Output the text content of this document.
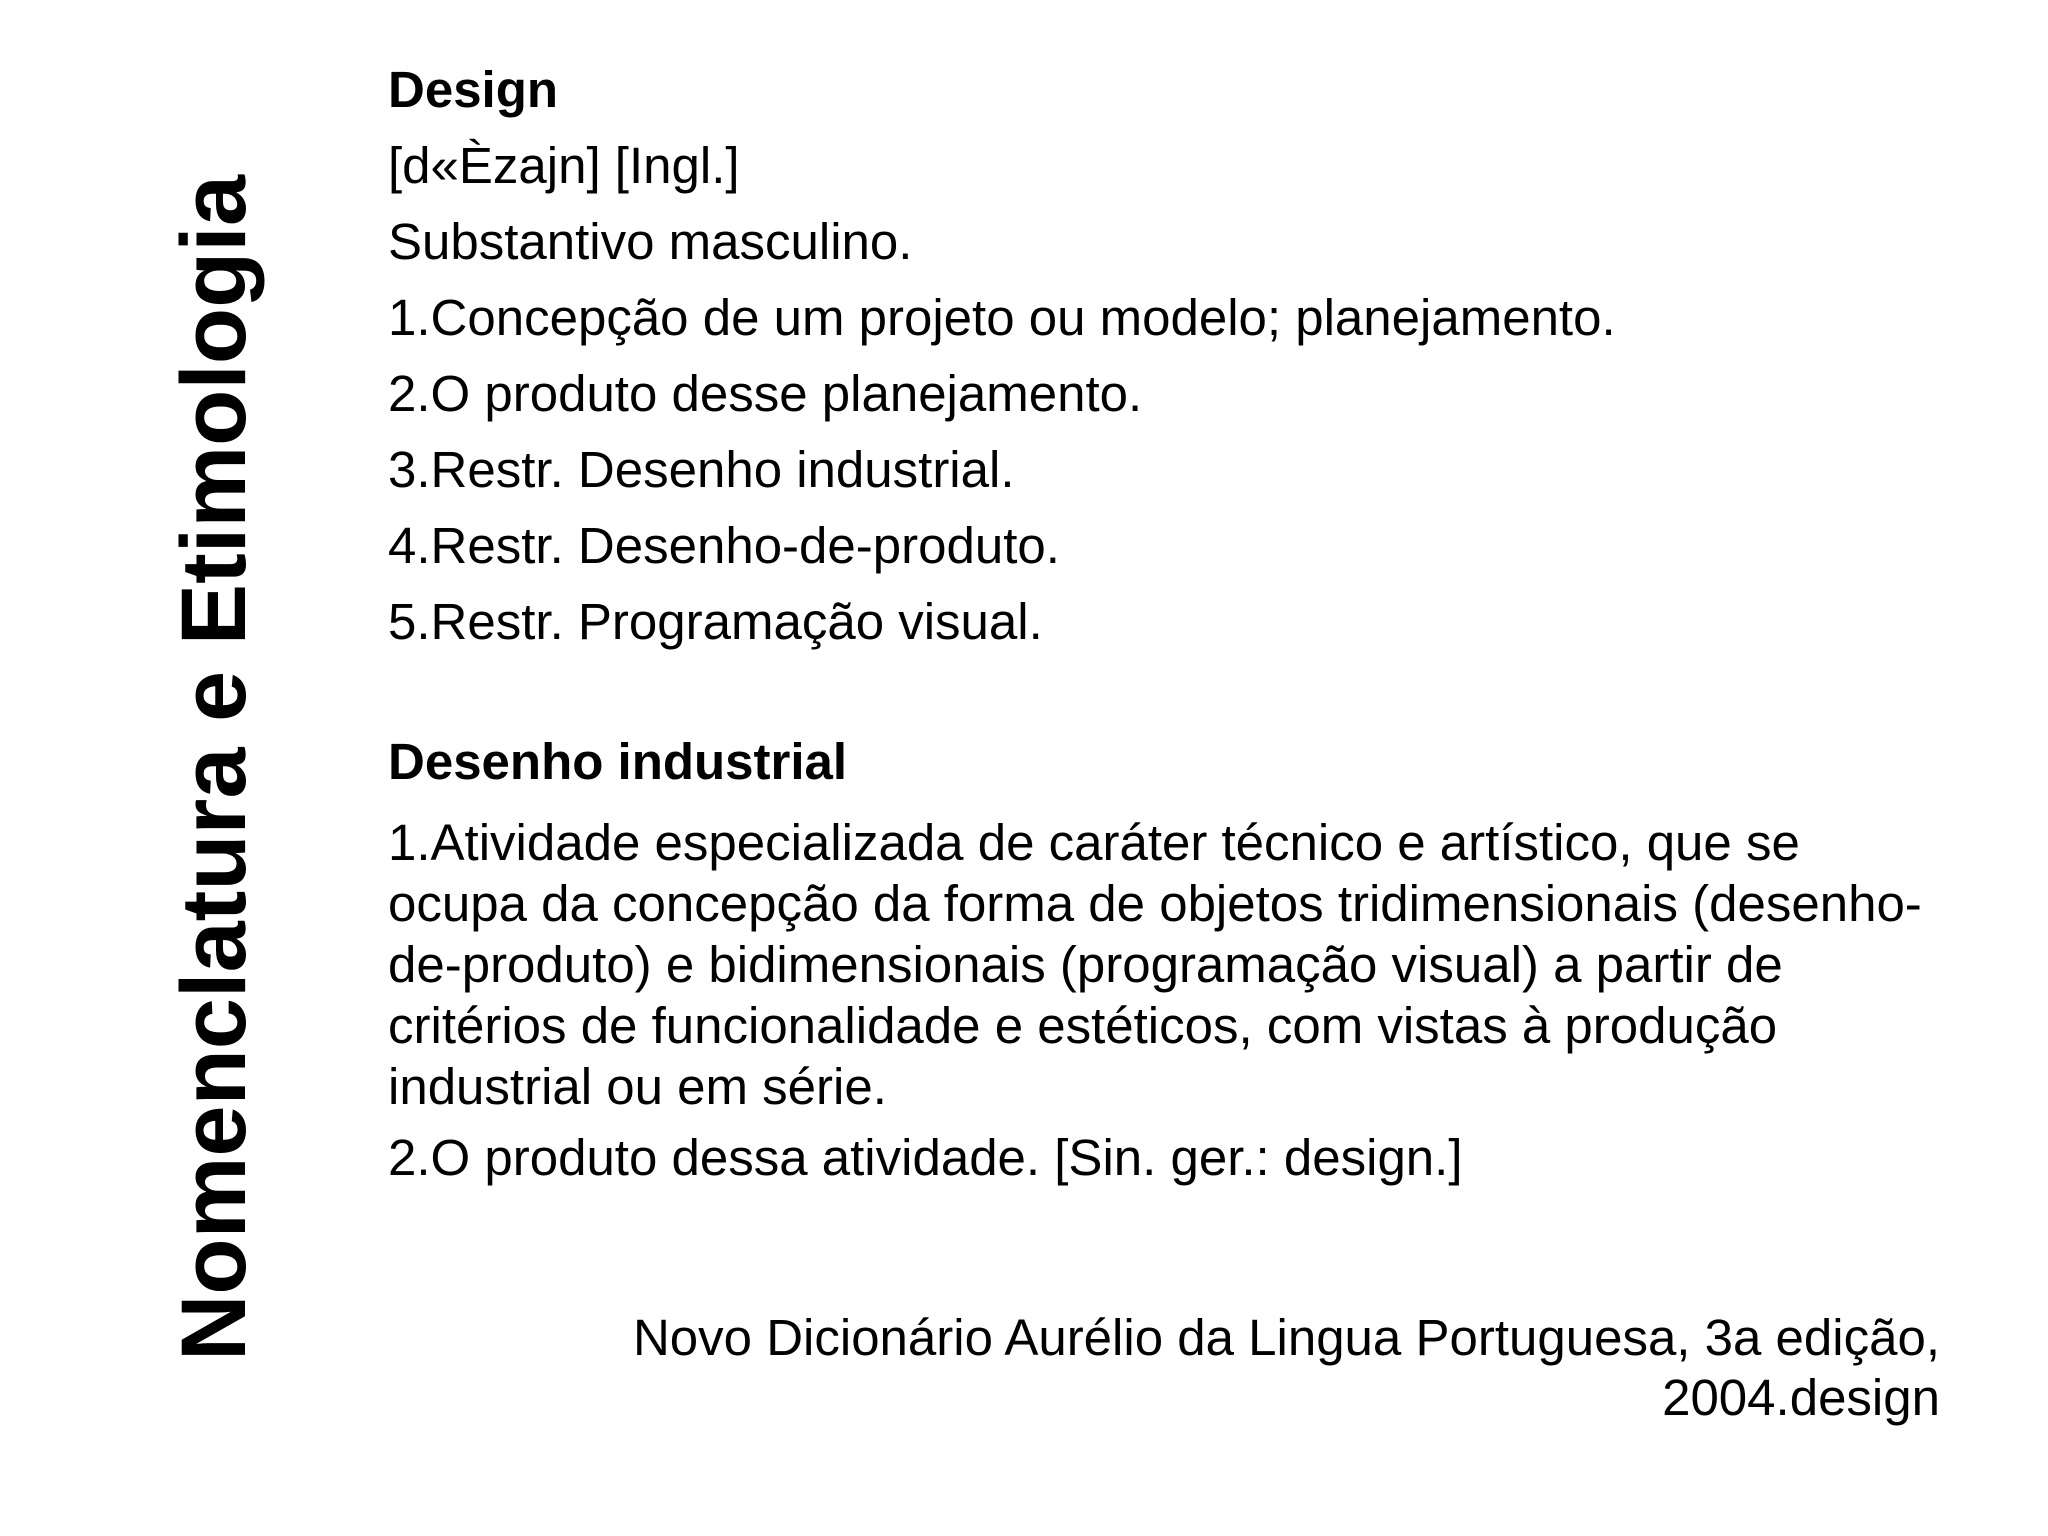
Nomenclatura e Etimologia

Design

[d«Èzajn] [Ingl.]

Substantivo masculino.

1.Concepção de um projeto ou modelo; planejamento.

2.O produto desse planejamento.

3.Restr. Desenho industrial.

4.Restr. Desenho-de-produto.

5.Restr. Programação visual.

Desenho industrial

1.Atividade especializada de caráter técnico e artístico, que se ocupa da concepção da forma de objetos tridimensionais (desenho-de-produto) e bidimensionais (programação visual) a partir de critérios de funcionalidade e estéticos, com vistas à produção industrial ou em série.

2.O produto dessa atividade. [Sin. ger.: design.]

Novo Dicionário Aurélio da Lingua Portuguesa, 3a edição,
2004.design
